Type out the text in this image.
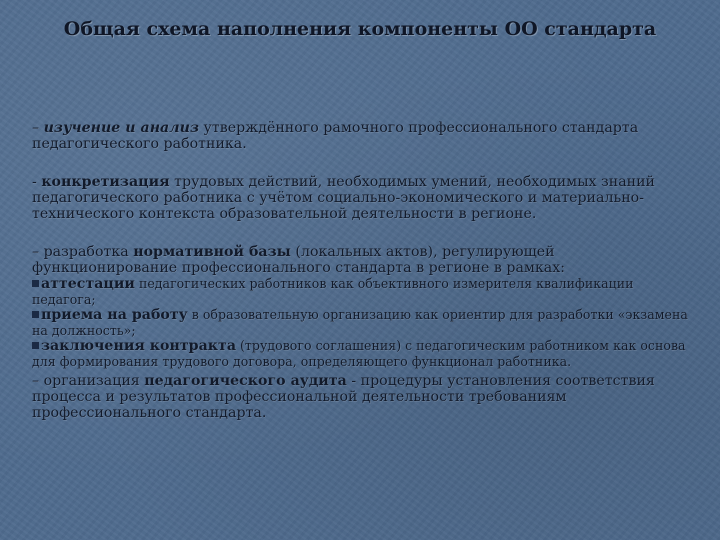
Общая схема наполнения компоненты ОО стандарта

– изучение и анализ утверждённого рамочного профессионального стандарта педагогического работника.

- конкретизация трудовых действий, необходимых умений, необходимых знаний педагогического работника с учётом социально-экономического и материально-технического контекста образовательной деятельности в регионе.

– разработка нормативной базы (локальных актов), регулирующей функционирование профессионального стандарта в регионе в рамках:

аттестации педагогических работников как объективного измерителя квалификации педагога;

приема на работу в образовательную организацию как ориентир для разработки «экзамена на должность»;

заключения контракта (трудового соглашения) с педагогическим работником как основа для формирования трудового договора, определяющего функционал работника.

– организация педагогического аудита - процедуры установления соответствия процесса и результатов профессиональной деятельности требованиям профессионального стандарта.
